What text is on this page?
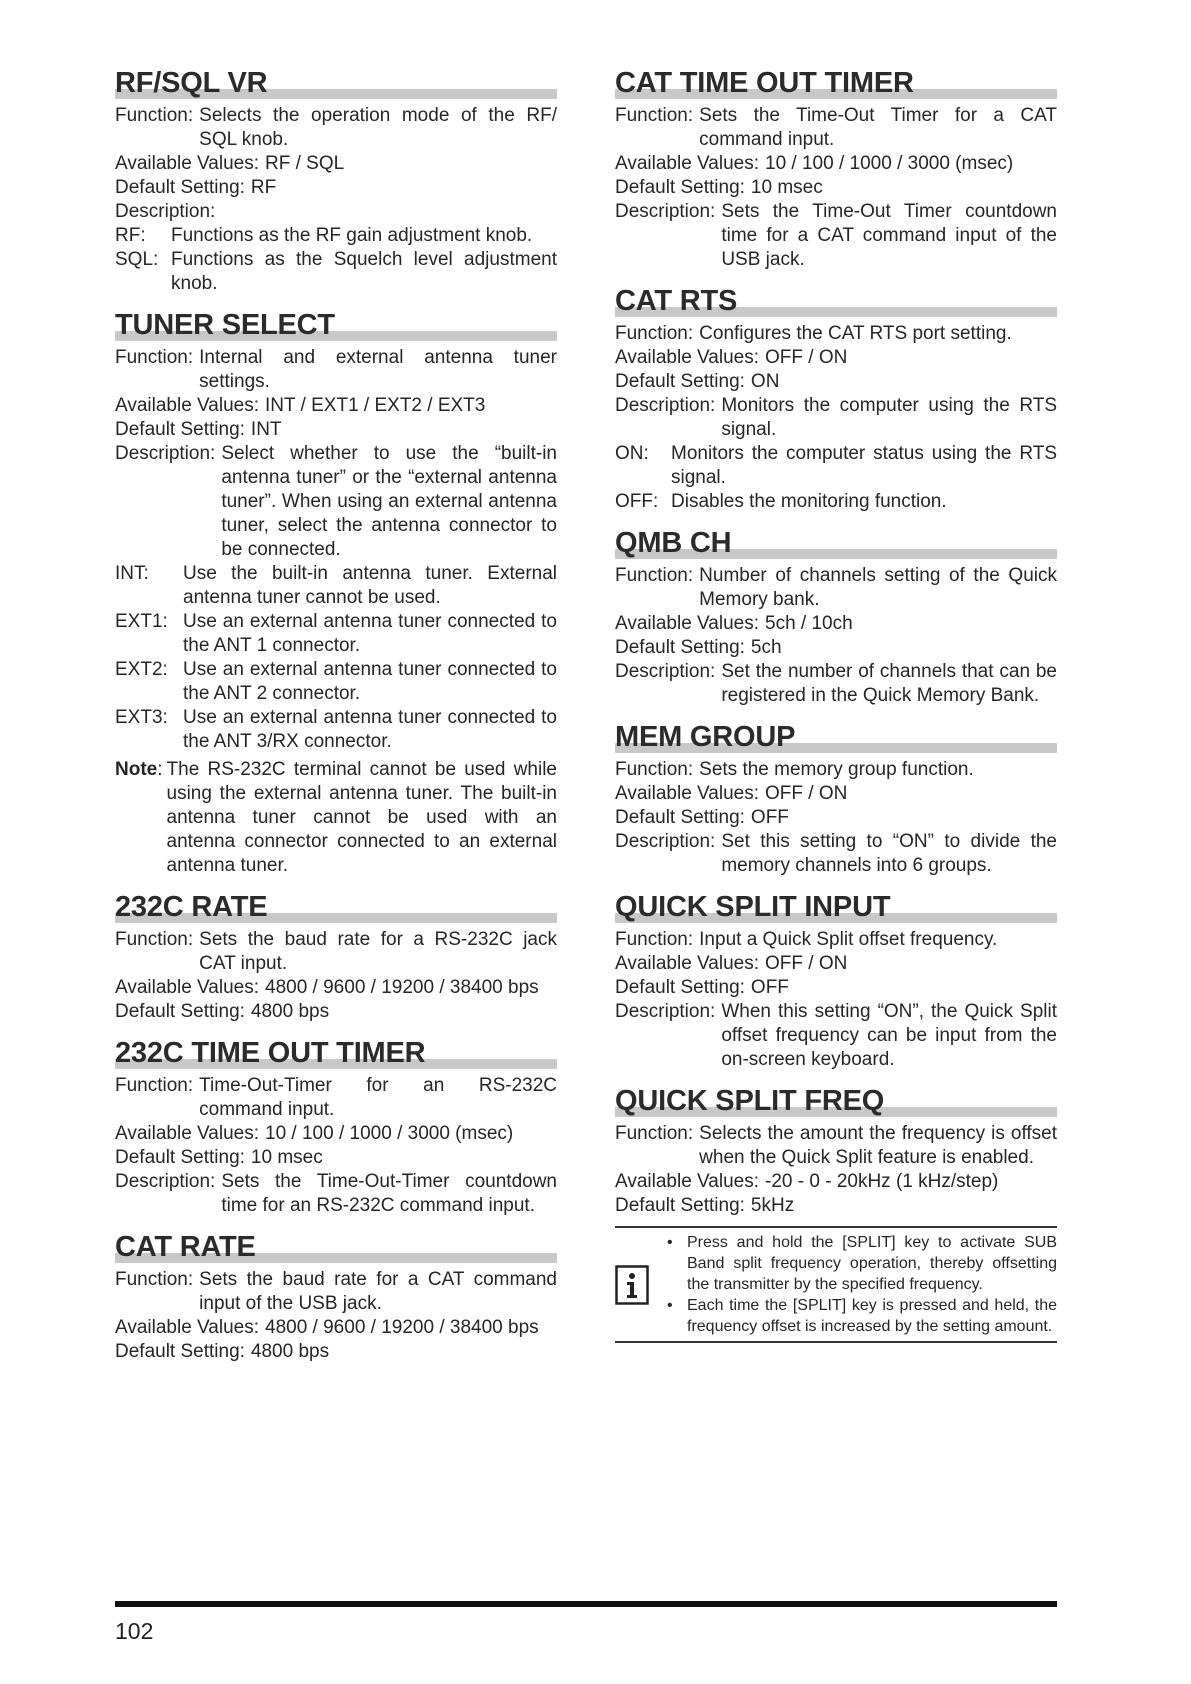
RF/SQL VR
Function: Selects the operation mode of the RF/ SQL knob.
Available Values: RF / SQL
Default Setting: RF
Description:
RF:	Functions as the RF gain adjustment knob.
SQL: Functions as the Squelch level adjustment knob.
TUNER SELECT
Function: Internal and external antenna tuner settings.
Available Values: INT / EXT1 / EXT2 / EXT3
Default Setting: INT
Description: Select whether to use the “built-in antenna tuner” or the “external antenna tuner”. When using an external antenna tuner, select the antenna connector to be connected.
INT:	Use the built-in antenna tuner. External antenna tuner cannot be used.
EXT1: Use an external antenna tuner connected to the ANT 1 connector.
EXT2: Use an external antenna tuner connected to the ANT 2 connector.
EXT3: Use an external antenna tuner connected to the ANT 3/RX connector.
Note: The RS-232C terminal cannot be used while using the external antenna tuner. The built-in antenna tuner cannot be used with an antenna connector connected to an external antenna tuner.
232C RATE
Function: Sets the baud rate for a RS-232C jack CAT input.
Available Values: 4800 / 9600 / 19200 / 38400 bps
Default Setting: 4800 bps
232C TIME OUT TIMER
Function: Time-Out-Timer for an RS-232C command input.
Available Values: 10 / 100 / 1000 / 3000 (msec)
Default Setting: 10 msec
Description: Sets the Time-Out-Timer countdown time for an RS-232C command input.
CAT RATE
Function: Sets the baud rate for a CAT command input of the USB jack.
Available Values: 4800 / 9600 / 19200 / 38400 bps
Default Setting: 4800 bps
CAT TIME OUT TIMER
Function: Sets the Time-Out Timer for a CAT command input.
Available Values: 10 / 100 / 1000 / 3000 (msec)
Default Setting: 10 msec
Description: Sets the Time-Out Timer countdown time for a CAT command input of the USB jack.
CAT RTS
Function: Configures the CAT RTS port setting.
Available Values: OFF / ON
Default Setting: ON
Description: Monitors the computer using the RTS signal.
ON:	Monitors the computer status using the RTS signal.
OFF: Disables the monitoring function.
QMB CH
Function: Number of channels setting of the Quick Memory bank.
Available Values: 5ch / 10ch
Default Setting: 5ch
Description: Set the number of channels that can be registered in the Quick Memory Bank.
MEM GROUP
Function: Sets the memory group function.
Available Values: OFF / ON
Default Setting: OFF
Description: Set this setting to “ON” to divide the memory channels into 6 groups.
QUICK SPLIT INPUT
Function: Input a Quick Split offset frequency.
Available Values: OFF / ON
Default Setting: OFF
Description: When this setting “ON”, the Quick Split offset frequency can be input from the on-screen keyboard.
QUICK SPLIT FREQ
Function: Selects the amount the frequency is offset when the Quick Split feature is enabled.
Available Values: -20 - 0 - 20kHz (1 kHz/step)
Default Setting: 5kHz
• Press and hold the [SPLIT] key to activate SUB Band split frequency operation, thereby offsetting the transmitter by the specified frequency.
• Each time the [SPLIT] key is pressed and held, the frequency offset is increased by the setting amount.
102
